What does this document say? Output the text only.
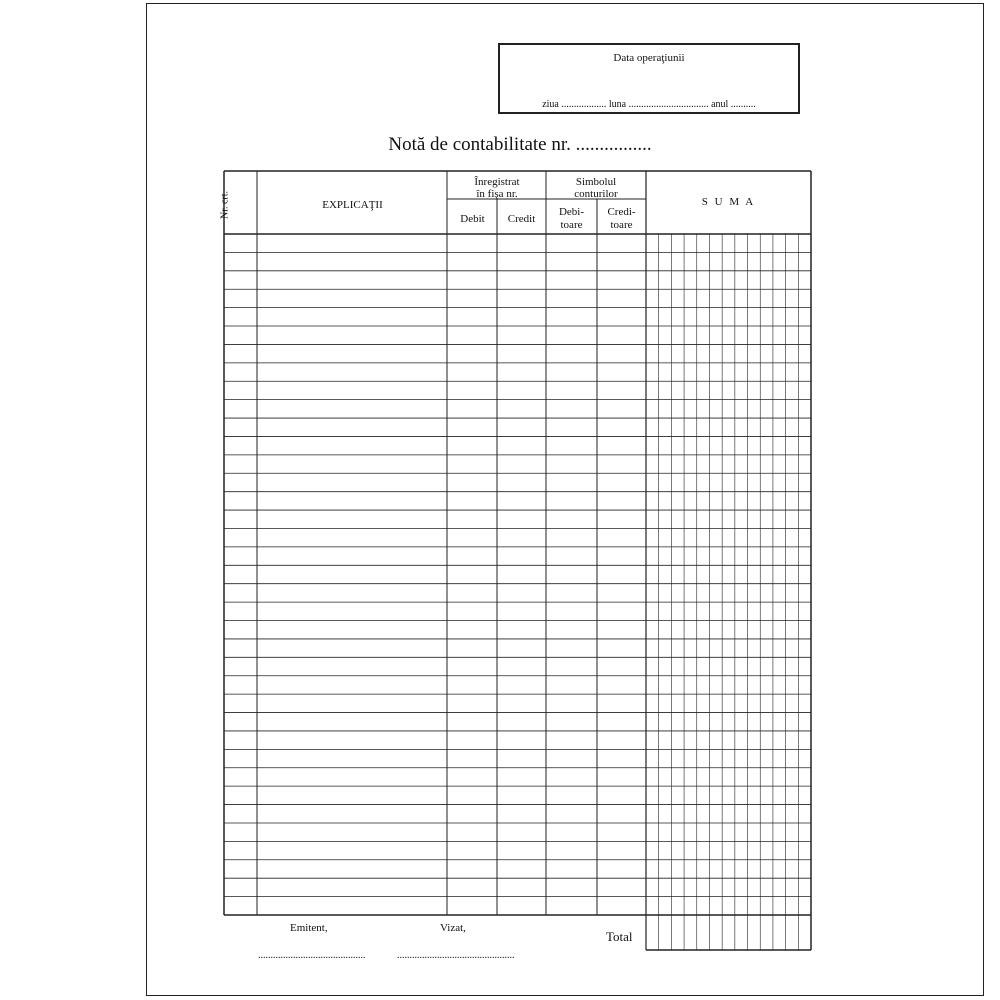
Data operaţiunii
ziua .................. luna ................................ anul ..........
Notă de contabilitate nr. ................
Nr. crt.	EXPLICAŢII
Înregistrat
în fişa nr.
Debit	Credit
Simbolul
conturilor
Debi-
toare
Credi-
toare
S U M A
Emitent,
...........................................
Vizat,
...............................................
Total
